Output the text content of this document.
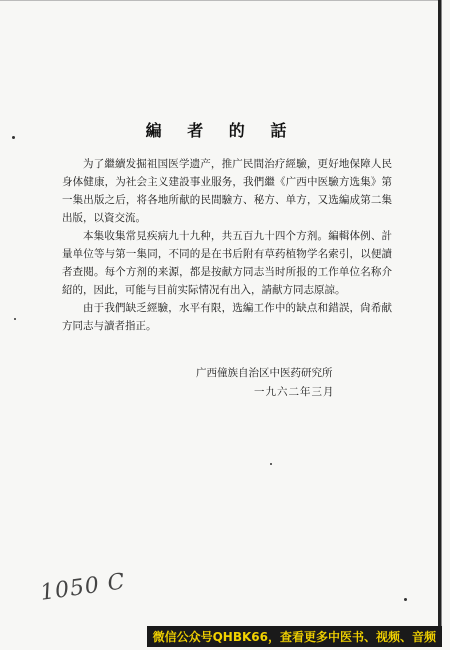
編 者 的 話

为了繼續发掘祖国医学遗产，推广民間治疗經驗，更好地保障人民身体健康，为社会主义建設事业服务，我們繼《广西中医驗方选集》第一集出版之后，将各地所献的民間驗方、秘方、单方，又选編成第二集出版，以資交流。

本集收集常見疾病九十九种，共五百九十四个方剂。編輯体例、計量单位等与第一集同，不同的是在书后附有草药植物学名索引，以便讀者查閱。每个方剂的来源，都是按献方同志当时所报的工作单位名称介紹的，因此，可能与目前实际情况有出入，請献方同志原諒。

由于我們缺乏經驗，水平有限，选編工作中的缺点和錯誤，尙希献方同志与讀者指正。

广西僮族自治区中医药研究所
一九六二年三月
1050 C
微信公众号QHBK66，查看更多中医书、视频、音频
